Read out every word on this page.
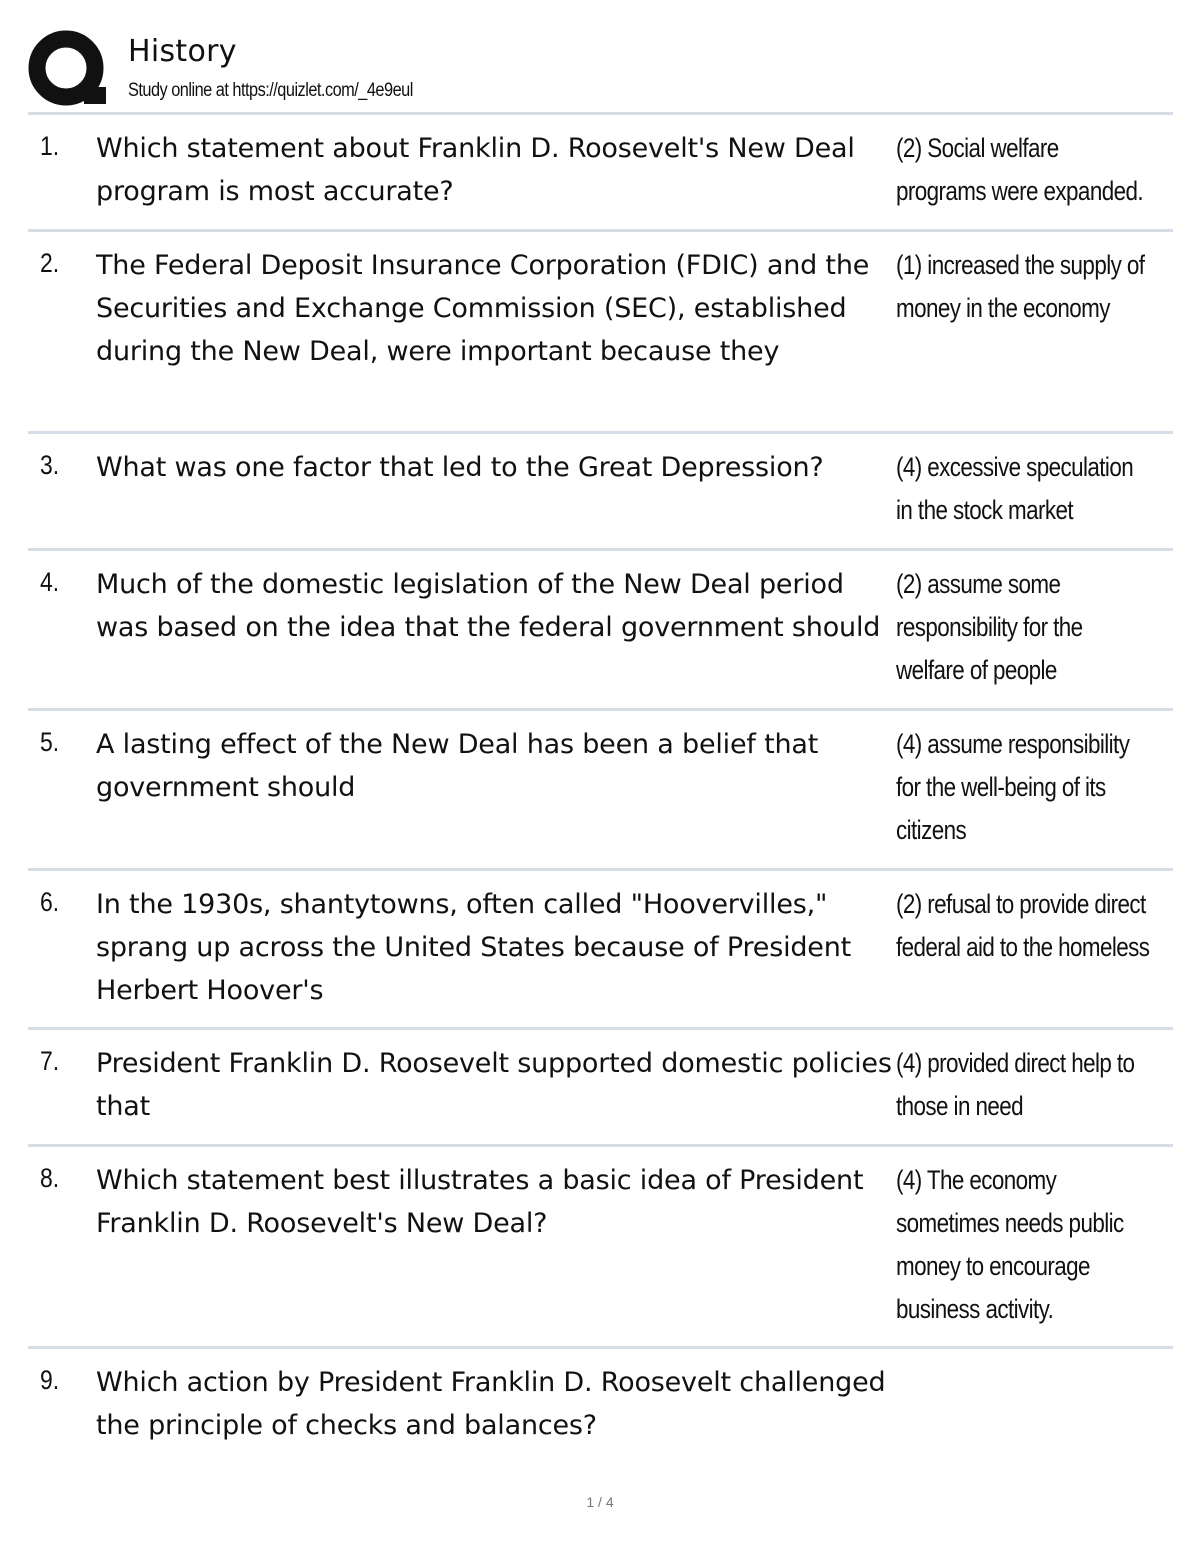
History
Study online at https://quizlet.com/_4e9eul
1. Which statement about Franklin D. Roosevelt's New Deal program is most accurate?
(2) Social welfare programs were expanded.
2. The Federal Deposit Insurance Corporation (FDIC) and the Securities and Exchange Commission (SEC), established during the New Deal, were important because they
(1) increased the supply of money in the economy
3. What was one factor that led to the Great Depression?	(4) excessive speculation in the stock market
4. Much of the domestic legislation of the New Deal period was based on the idea that the federal government should
(2) assume some responsibility for the welfare of people
5. A lasting effect of the New Deal has been a belief that government should
(4) assume responsibility for the well-being of its citizens
6. In the 1930s, shantytowns, often called "Hoovervilles," sprang up across the United States because of President Herbert Hoover's
(2) refusal to provide direct federal aid to the homeless
7. President Franklin D. Roosevelt supported domestic policies that
(4) provided direct help to those in need
8. Which statement best illustrates a basic idea of President Franklin D. Roosevelt's New Deal?
(4) The economy sometimes needs public money to encourage business activity.
9. Which action by President Franklin D. Roosevelt challenged the principle of checks and balances?
1 / 4
